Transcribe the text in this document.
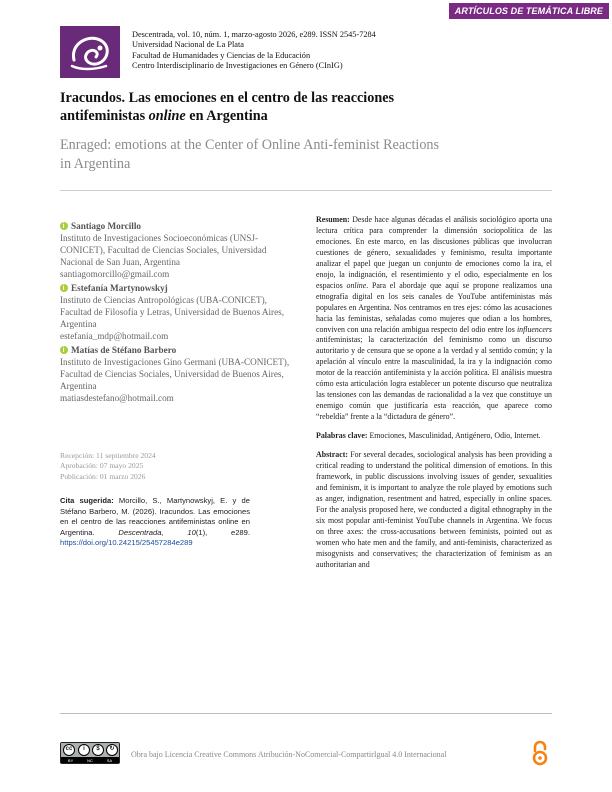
ARTÍCULOS DE TEMÁTICA LIBRE
Descentrada, vol. 10, núm. 1, marzo-agosto 2026, e289. ISSN 2545-7284
Universidad Nacional de La Plata
Facultad de Humanidades y Ciencias de la Educación
Centro Interdisciplinario de Investigaciones en Género (CInIG)
Iracundos. Las emociones en el centro de las reacciones antifeministas online en Argentina
Enraged: emotions at the Center of Online Anti-feminist Reactions in Argentina
i
Santiago Morcillo
Instituto de Investigaciones Socioeconómicas (UNSJ-CONICET), Facultad de Ciencias Sociales, Universidad Nacional de San Juan, Argentina
santiagomorcillo@gmail.com
i
Estefanía Martynowskyj
Instituto de Ciencias Antropológicas (UBA-CONICET), Facultad de Filosofía y Letras, Universidad de Buenos Aires, Argentina
estefania_mdp@hotmail.com
i
Matías de Stéfano Barbero
Instituto de Investigaciones Gino Germani (UBA-CONICET), Facultad de Ciencias Sociales, Universidad de Buenos Aires, Argentina
matiasdestefano@hotmail.com
Recepción: 11 septiembre 2024
Aprobación: 07 mayo 2025
Publicación: 01 marzo 2026
Cita sugerida: Morcillo, S., Martynowskyj, E. y de Stéfano Barbero, M. (2026). Iracundos. Las emociones en el centro de las reacciones antifeministas online en Argentina. Descentrada, 10(1), e289. https://doi.org/10.24215/25457284e289

Resumen: Desde hace algunas décadas el análisis sociológico aporta una lectura crítica para comprender la dimensión sociopolítica de las emociones. En este marco, en las discusiones públicas que involucran cuestiones de género, sexualidades y feminismo, resulta importante analizar el papel que juegan un conjunto de emociones como la ira, el enojo, la indignación, el resentimiento y el odio, especialmente en los espacios online. Para el abordaje que aquí se propone realizamos una etnografía digital en los seis canales de YouTube antifeministas más populares en Argentina. Nos centramos en tres ejes: cómo las acusaciones hacia las feministas, señaladas como mujeres que odian a los hombres, conviven con una relación ambigua respecto del odio entre los influencers antifeministas; la caracterización del feminismo como un discurso autoritario y de censura que se opone a la verdad y al sentido común; y la apelación al vínculo entre la masculinidad, la ira y la indignación como motor de la reacción antifeminista y la acción política. El análisis muestra cómo esta articulación logra establecer un potente discurso que neutraliza las tensiones con las demandas de racionalidad a la vez que constituye un enemigo común que justificaría esta reacción, que aparece como “rebeldía” frente a la “dictadura de género”.

Palabras clave: Emociones, Masculinidad, Antigénero, Odio, Internet.

Abstract: For several decades, sociological analysis has been providing a critical reading to understand the political dimension of emotions. In this framework, in public discussions involving issues of gender, sexualities and feminism, it is important to analyze the role played by emotions such as anger, indignation, resentment and hatred, especially in online spaces. For the analysis proposed here, we conducted a digital ethnography in the six most popular anti-feminist YouTube channels in Argentina. We focus on three axes: the cross-accusations between feminists, pointed out as women who hate men and the family, and anti-feminists, characterized as misogynists and conservatives; the characterization of feminism as an authoritarian and

cc	i	$	↻
BY	NC	SA
Obra bajo Licencia Creative Commons Atribución-NoComercial-CompartirIgual 4.0 Internacional
